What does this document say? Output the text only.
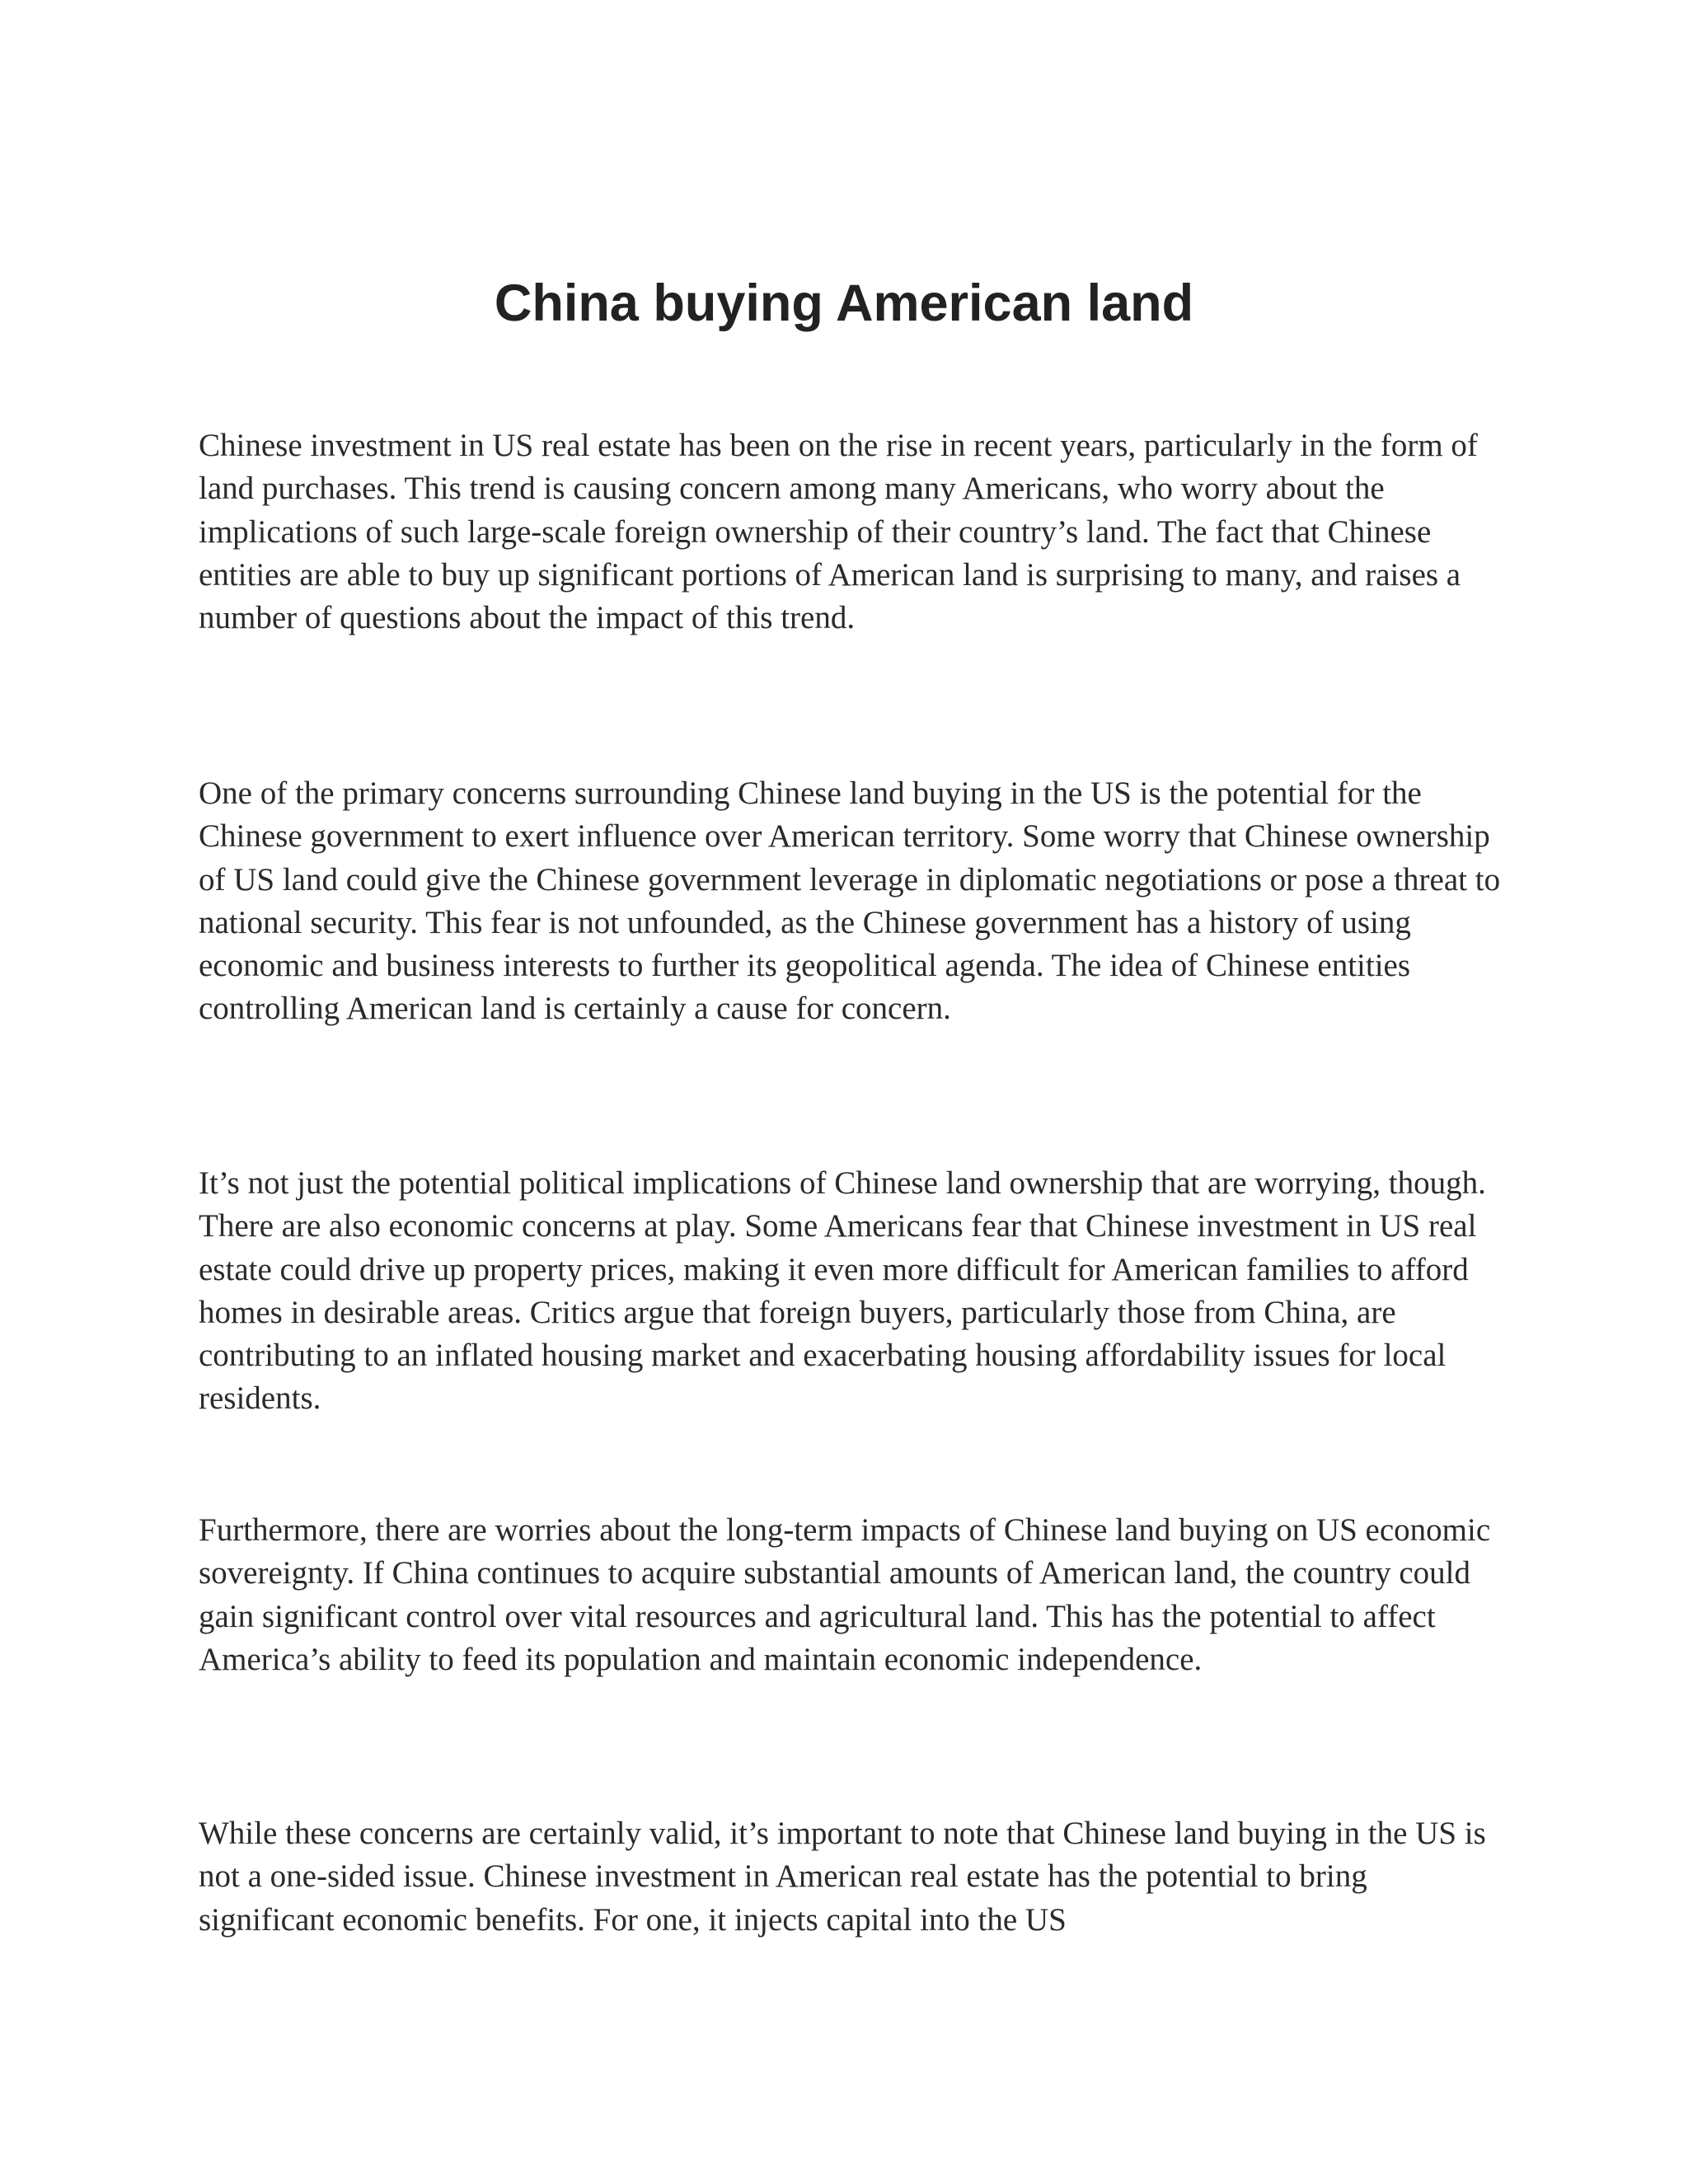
China buying American land

Chinese investment in US real estate has been on the rise in recent years, particularly in the form of land purchases. This trend is causing concern among many Americans, who worry about the implications of such large-scale foreign ownership of their country’s land. The fact that Chinese entities are able to buy up significant portions of American land is surprising to many, and raises a number of questions about the impact of this trend.

One of the primary concerns surrounding Chinese land buying in the US is the potential for the Chinese government to exert influence over American territory. Some worry that Chinese ownership of US land could give the Chinese government leverage in diplomatic negotiations or pose a threat to national security. This fear is not unfounded, as the Chinese government has a history of using economic and business interests to further its geopolitical agenda. The idea of Chinese entities controlling American land is certainly a cause for concern.

It’s not just the potential political implications of Chinese land ownership that are worrying, though. There are also economic concerns at play. Some Americans fear that Chinese investment in US real estate could drive up property prices, making it even more difficult for American families to afford homes in desirable areas. Critics argue that foreign buyers, particularly those from China, are contributing to an inflated housing market and exacerbating housing affordability issues for local residents.

Furthermore, there are worries about the long-term impacts of Chinese land buying on US economic sovereignty. If China continues to acquire substantial amounts of American land, the country could gain significant control over vital resources and agricultural land. This has the potential to affect America’s ability to feed its population and maintain economic independence.

While these concerns are certainly valid, it’s important to note that Chinese land buying in the US is not a one-sided issue. Chinese investment in American real estate has the potential to bring significant economic benefits. For one, it injects capital into the US
